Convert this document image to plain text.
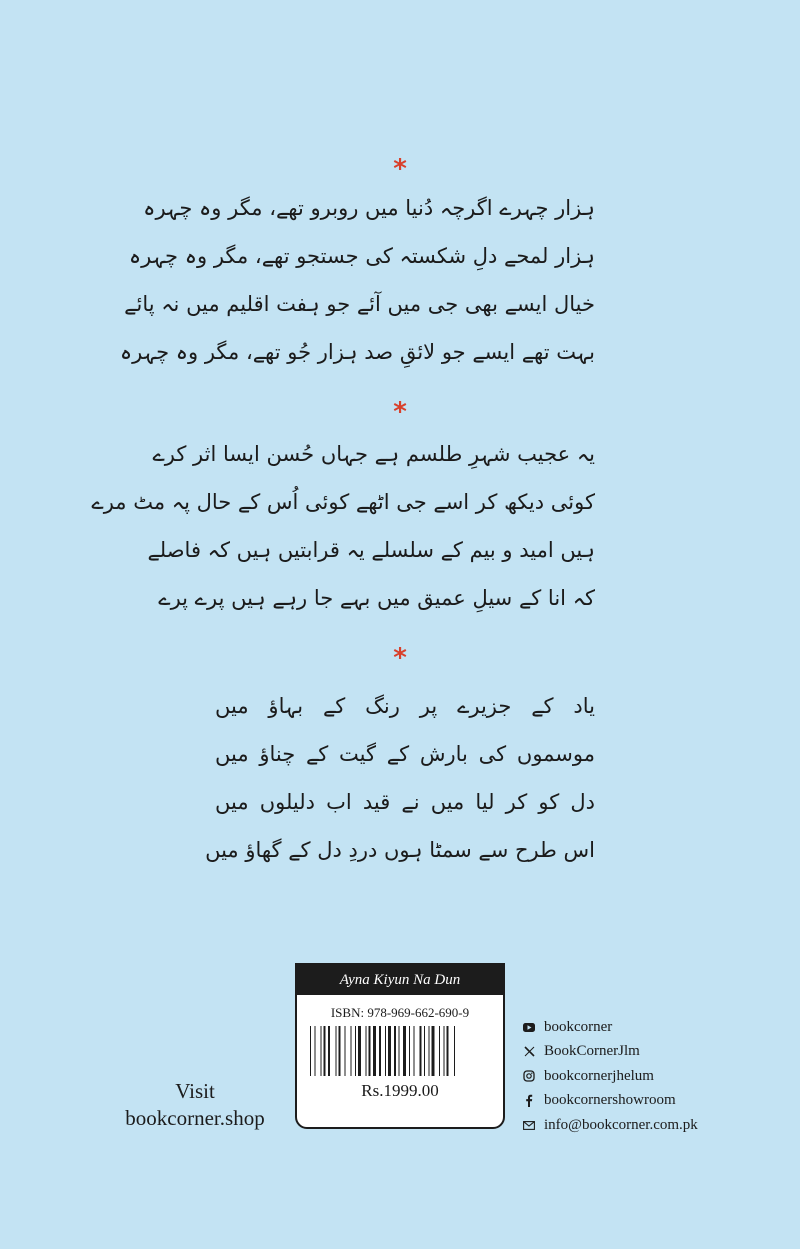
*
ہزار چہرے اگرچہ دُنیا میں روبرو تھے، مگر وہ چہرہ
ہزار لمحے دلِ شکستہ کی جستجو تھے، مگر وہ چہرہ
خیال ایسے بھی جی میں آئے جو ہفت اقلیم میں نہ پائے
بہت تھے ایسے جو لائقِ صد ہزار جُو تھے، مگر وہ چہرہ
*
یہ عجیب شہرِ طلسم ہے جہاں حُسن ایسا اثر کرے
کوئی دیکھ کر اسے جی اٹھے کوئی اُس کے حال پہ مٹ مرے
ہیں امید و بیم کے سلسلے یہ قرابتیں ہیں کہ فاصلے
کہ انا کے سیلِ عمیق میں بہے جا رہے ہیں پرے پرے
*
یاد کے جزیرے پر رنگ کے بہاؤ میں
موسموں کی بارش کے گیت کے چناؤ میں
دل کو کر لیا میں نے قید اب دلیلوں میں
اس طرح سے سمٹا ہوں دردِ دل کے گھاؤ میں
Visit
bookcorner.shop
Ayna Kiyun Na Dun
ISBN: 978-969-662-690-9
Rs.1999.00
bookcorner
BookCornerJlm
bookcornerjhelum
bookcornershowroom
info@bookcorner.com.pk
